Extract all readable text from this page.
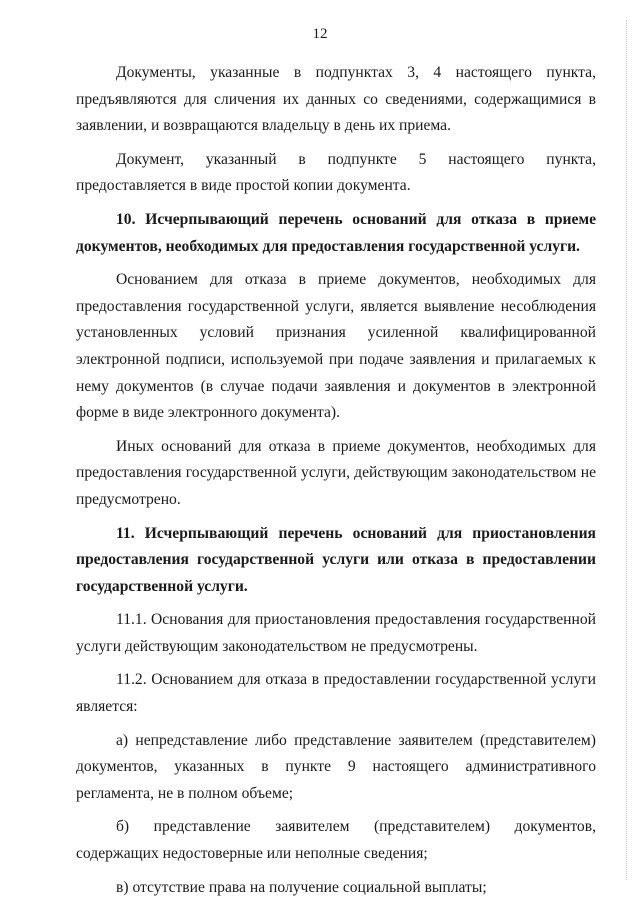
12

Документы, указанные в подпунктах 3, 4 настоящего пункта, предъявляются для сличения их данных со сведениями, содержащимися в заявлении, и возвращаются владельцу в день их приема.

Документ, указанный в подпункте 5 настоящего пункта, предоставляется в виде простой копии документа.

10. Исчерпывающий перечень оснований для отказа в приеме документов, необходимых для предоставления государственной услуги.

Основанием для отказа в приеме документов, необходимых для предоставления государственной услуги, является выявление несоблюдения установленных условий признания усиленной квалифицированной электронной подписи, используемой при подаче заявления и прилагаемых к нему документов (в случае подачи заявления и документов в электронной форме в виде электронного документа).

Иных оснований для отказа в приеме документов, необходимых для предоставления государственной услуги, действующим законодательством не предусмотрено.

11. Исчерпывающий перечень оснований для приостановления предоставления государственной услуги или отказа в предоставлении государственной услуги.

11.1. Основания для приостановления предоставления государственной услуги действующим законодательством не предусмотрены.

11.2. Основанием для отказа в предоставлении государственной услуги является:

а) непредставление либо представление заявителем (представителем) документов, указанных в пункте 9 настоящего административного регламента, не в полном объеме;

б) представление заявителем (представителем) документов, содержащих недостоверные или неполные сведения;

в) отсутствие права на получение социальной выплаты;
